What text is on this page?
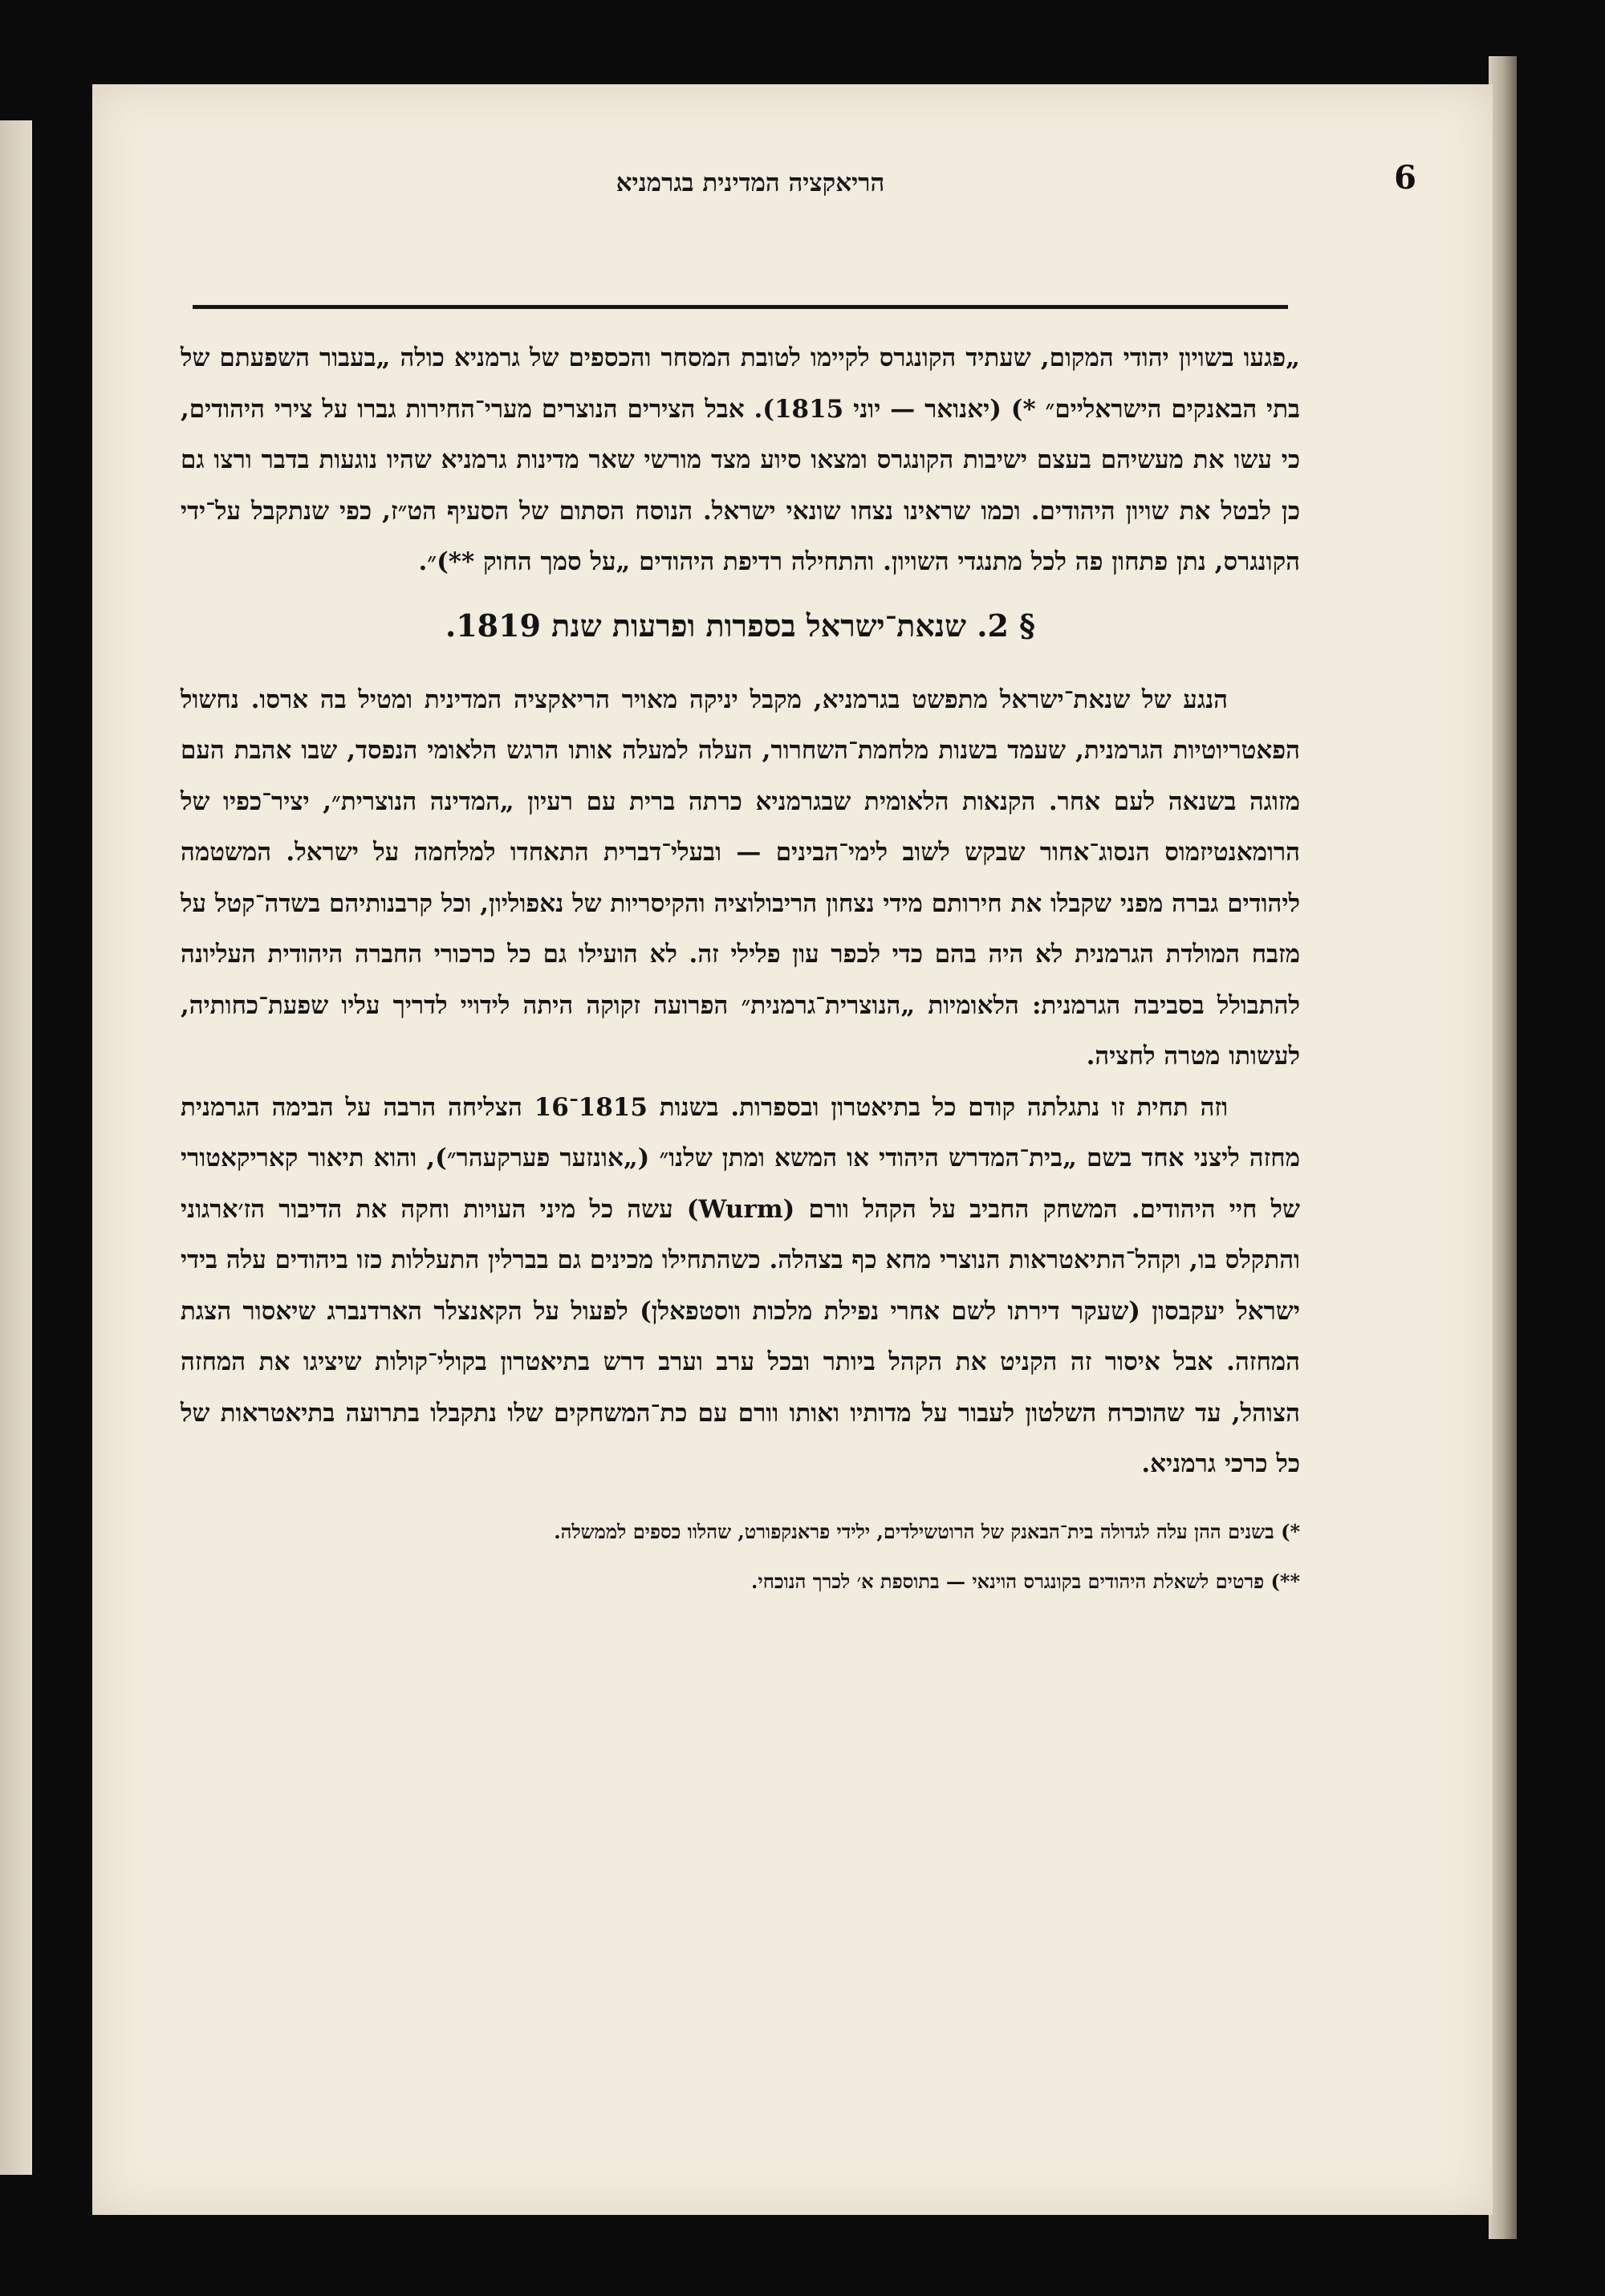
הריאקציה המדינית בגרמניא	6

„פגעו בשויון יהודי המקום, שעתיד הקונגרס לקיימו לטובת המסחר והכספים של גרמניא כולה „בעבור השפעתם של בתי הבאנקים הישראליים״ *) (יאנואר — יוני 1815). אבל הצירים הנוצרים מערי־החירות גברו על צירי היהודים, כי עשו את מעשיהם בעצם ישיבות הקונגרס ומצאו סיוע מצד מורשי שאר מדינות גרמניא שהיו נוגעות בדבר ורצו גם כן לבטל את שויון היהודים. וכמו שראינו נצחו שונאי ישראל. הנוסח הסתום של הסעיף הט״ז, כפי שנתקבל על־ידי הקונגרס, נתן פתחון פה לכל מתנגדי השויון. והתחילה רדיפת היהודים „על סמך החוק **)״.

§ 2. שנאת־ישראל בספרות ופרעות שנת 1819.

הנגע של שנאת־ישראל מתפשט בגרמניא, מקבל יניקה מאויר הריאקציה המדינית ומטיל בה ארסו. נחשול הפאטריוטיות הגרמנית, שעמד בשנות מלחמת־השחרור, העלה למעלה אותו הרגש הלאומי הנפסד, שבו אהבת העם מזוגה בשנאה לעם אחר. הקנאות הלאומית שבגרמניא כרתה ברית עם רעיון „המדינה הנוצרית״, יציר־כפיו של הרומאנטיזמוס הנסוג־אחור שבקש לשוב לימי־הבינים — ובעלי־דברית התאחדו למלחמה על ישראל. המשטמה ליהודים גברה מפני שקבלו את חירותם מידי נצחון הריבולוציה והקיסריות של נאפוליון, וכל קרבנותיהם בשדה־קטל על מזבח המולדת הגרמנית לא היה בהם כדי לכפר עון פלילי זה. לא הועילו גם כל כרכורי החברה היהודית העליונה להתבולל בסביבה הגרמנית: הלאומיות „הנוצרית־גרמנית״ הפרועה זקוקה היתה לידויי לדריך עליו שפעת־כחותיה, לעשותו מטרה לחציה.

וזה תחית זו נתגלתה קודם כל בתיאטרון ובספרות. בשנות 1815־16 הצליחה הרבה על הבימה הגרמנית מחזה ליצני אחד בשם „בית־המדרש היהודי או המשא ומתן שלנו״ („אונזער פערקעהר״), והוא תיאור קאריקאטורי של חיי היהודים. המשחק החביב על הקהל וורם (Wurm) עשה כל מיני העויות וחקה את הדיבור הז׳ארגוני והתקלס בו, וקהל־התיאטראות הנוצרי מחא כף בצהלה. כשהתחילו מכינים גם בברלין התעללות כזו ביהודים עלה בידי ישראל יעקבסון (שעקר דירתו לשם אחרי נפילת מלכות ווסטפאלן) לפעול על הקאנצלר הארדנברג שיאסור הצגת המחזה. אבל איסור זה הקניט את הקהל ביותר ובכל ערב וערב דרש בתיאטרון בקולי־קולות שיציגו את המחזה הצוהל, עד שהוכרח השלטון לעבור על מדותיו ואותו וורם עם כת־המשחקים שלו נתקבלו בתרועה בתיאטראות של כל כרכי גרמניא.

*) בשנים ההן עלה לגדולה בית־הבאנק של הרוטשילדים, ילידי פראנקפורט, שהלוו כספים לממשלה.

**) פרטים לשאלת היהודים בקונגרס הוינאי — בתוספת א׳ לכרך הנוכחי.
